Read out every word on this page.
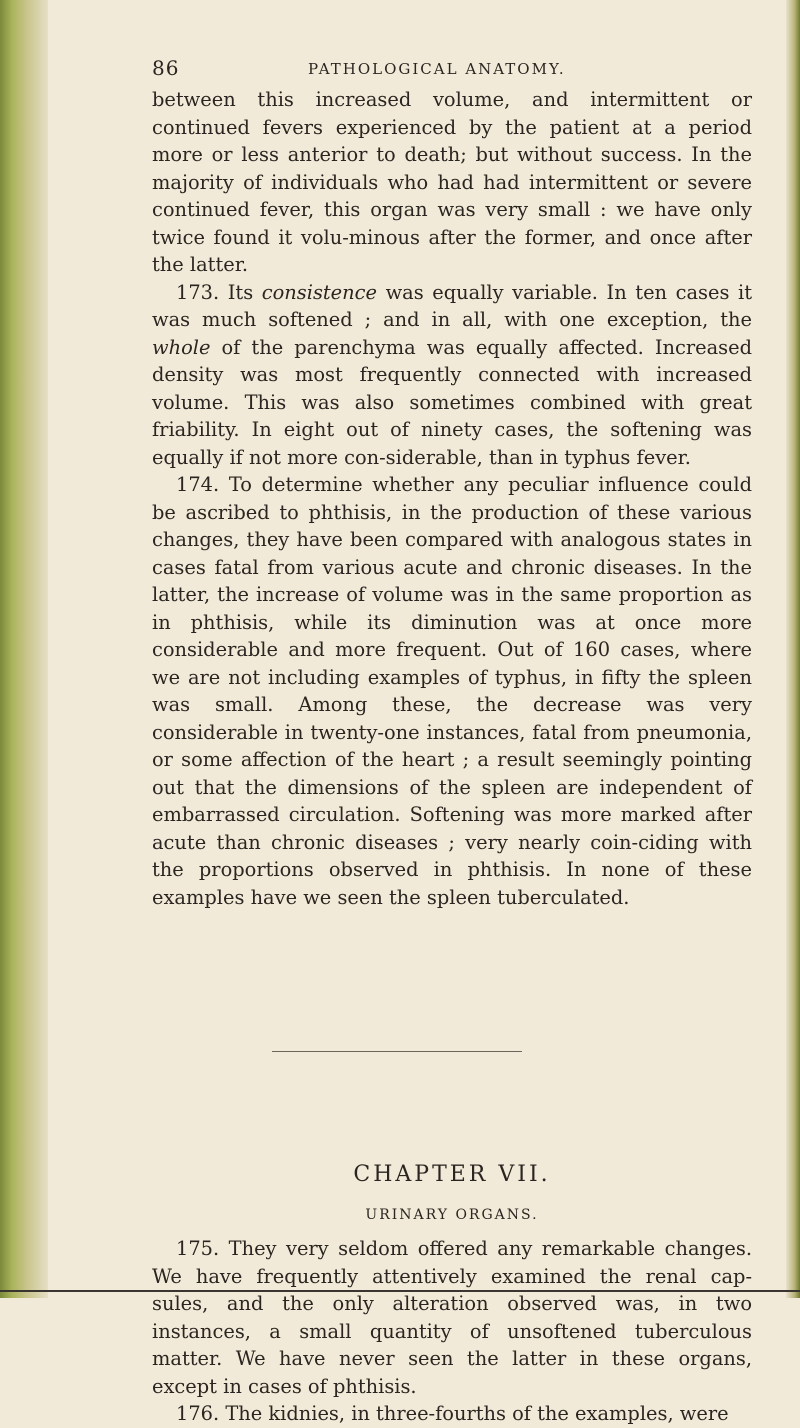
86	PATHOLOGICAL ANATOMY.

between this increased volume, and intermittent or continued fevers experienced by the patient at a period more or less anterior to death; but without success. In the majority of individuals who had had intermittent or severe continued fever, this organ was very small : we have only twice found it volu-minous after the former, and once after the latter.

173. Its consistence was equally variable. In ten cases it was much softened ; and in all, with one exception, the whole of the parenchyma was equally affected. Increased density was most frequently connected with increased volume. This was also sometimes combined with great friability. In eight out of ninety cases, the softening was equally if not more con-siderable, than in typhus fever.

174. To determine whether any peculiar influence could be ascribed to phthisis, in the production of these various changes, they have been compared with analogous states in cases fatal from various acute and chronic diseases. In the latter, the increase of volume was in the same proportion as in phthisis, while its diminution was at once more considerable and more frequent. Out of 160 cases, where we are not including examples of typhus, in fifty the spleen was small. Among these, the decrease was very considerable in twenty-one instances, fatal from pneumonia, or some affection of the heart ; a result seemingly pointing out that the dimensions of the spleen are independent of embarrassed circulation. Softening was more marked after acute than chronic diseases ; very nearly coin-ciding with the proportions observed in phthisis. In none of these examples have we seen the spleen tuberculated.

CHAPTER VII.
URINARY ORGANS.

175. They very seldom offered any remarkable changes. We have frequently attentively examined the renal cap-sules, and the only alteration observed was, in two instances, a small quantity of unsoftened tuberculous matter. We have never seen the latter in these organs, except in cases of phthisis.

176. The kidnies, in three-fourths of the examples, were
